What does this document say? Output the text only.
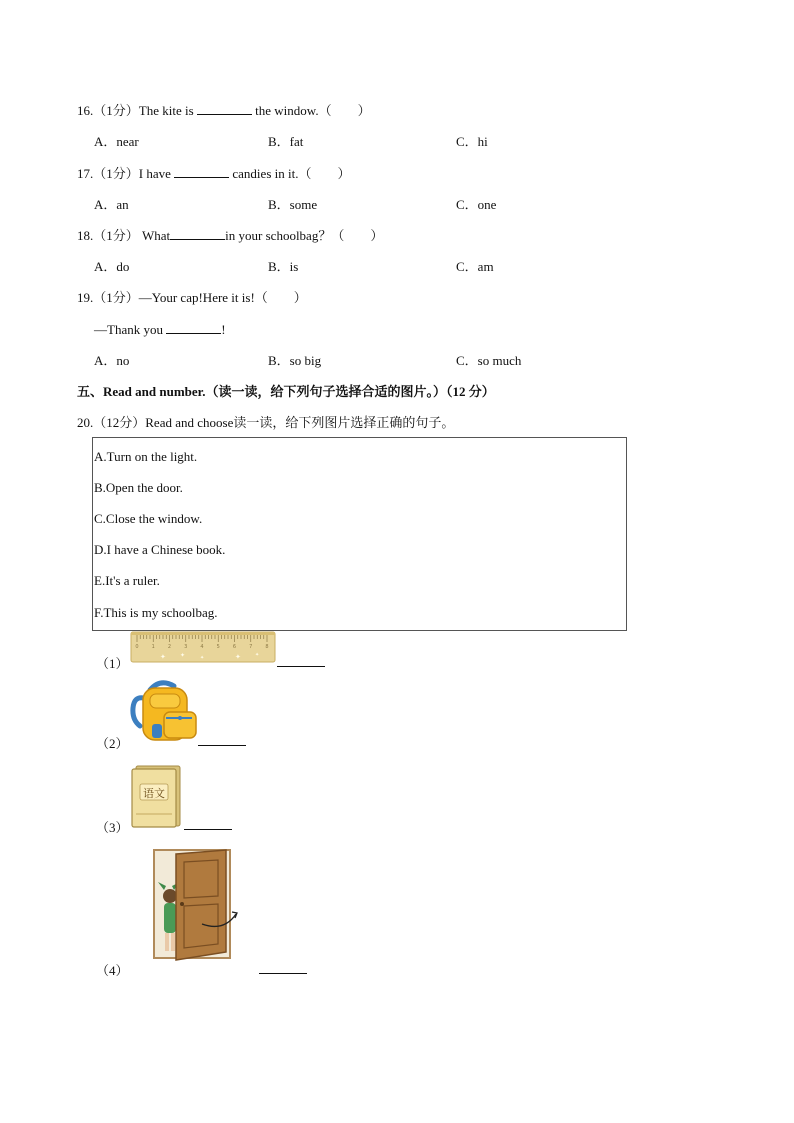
16.（1分）The kite is	the window.（　　）
A．near	B．fat	C．hi
17.（1分）I have	candies in it.（　　）
A．an	B．some	C．one
18.（1分） What	in your schoolbag？（　　）
A．do	B．is	C．am
19.（1分）—Your cap!Here it is!（　　）
—Thank you	!
A．no	B．so big	C．so much
五、Read and number.（读一读，给下列句子选择合适的图片。）（12 分）
20.（12分）Read and choose读一读，给下列图片选择正确的句子。
A.Turn on the light.
B.Open the door.
C.Close the window.
D.I have a Chinese book.
E.It's a ruler.
F.This is my schoolbag.
（1）
0	1	2	3	4	5	6	7	8
✦ ✦	✦	✦	✦
（2）
（3）
语文
（4）
